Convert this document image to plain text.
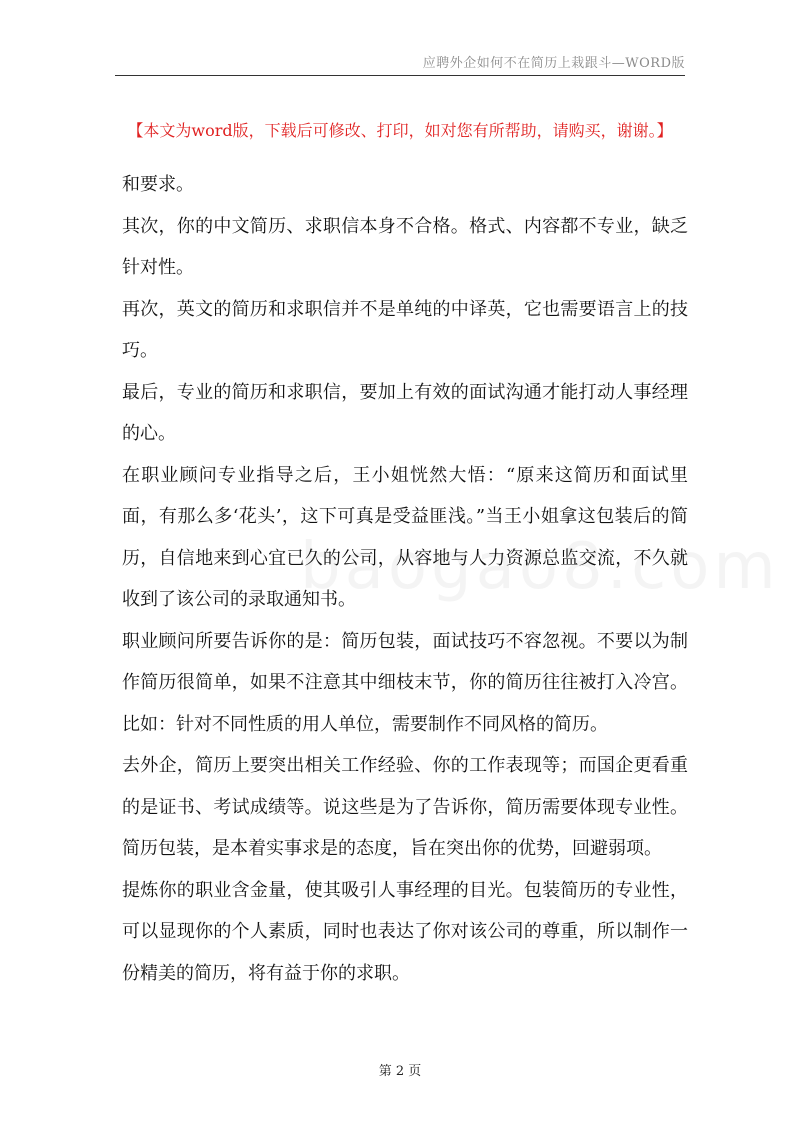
应聘外企如何不在简历上栽跟斗—WORD版
【本文为word版，下载后可修改、打印，如对您有所帮助，请购买，谢谢。】

和要求。

其次，你的中文简历、求职信本身不合格。格式、内容都不专业，缺乏针对性。

再次，英文的简历和求职信并不是单纯的中译英，它也需要语言上的技巧。

最后，专业的简历和求职信，要加上有效的面试沟通才能打动人事经理的心。

在职业顾问专业指导之后，王小姐恍然大悟：“原来这简历和面试里面，有那么多‘花头’，这下可真是受益匪浅。”当王小姐拿这包装后的简历，自信地来到心宜已久的公司，从容地与人力资源总监交流，不久就收到了该公司的录取通知书。

职业顾问所要告诉你的是：简历包装，面试技巧不容忽视。不要以为制作简历很简单，如果不注意其中细枝末节，你的简历往往被打入冷宫。比如：针对不同性质的用人单位，需要制作不同风格的简历。

去外企，简历上要突出相关工作经验、你的工作表现等；而国企更看重的是证书、考试成绩等。说这些是为了告诉你，简历需要体现专业性。简历包装，是本着实事求是的态度，旨在突出你的优势，回避弱项。

提炼你的职业含金量，使其吸引人事经理的目光。包装简历的专业性，可以显现你的个人素质，同时也表达了你对该公司的尊重，所以制作一份精美的简历，将有益于你的求职。

第 2 页
